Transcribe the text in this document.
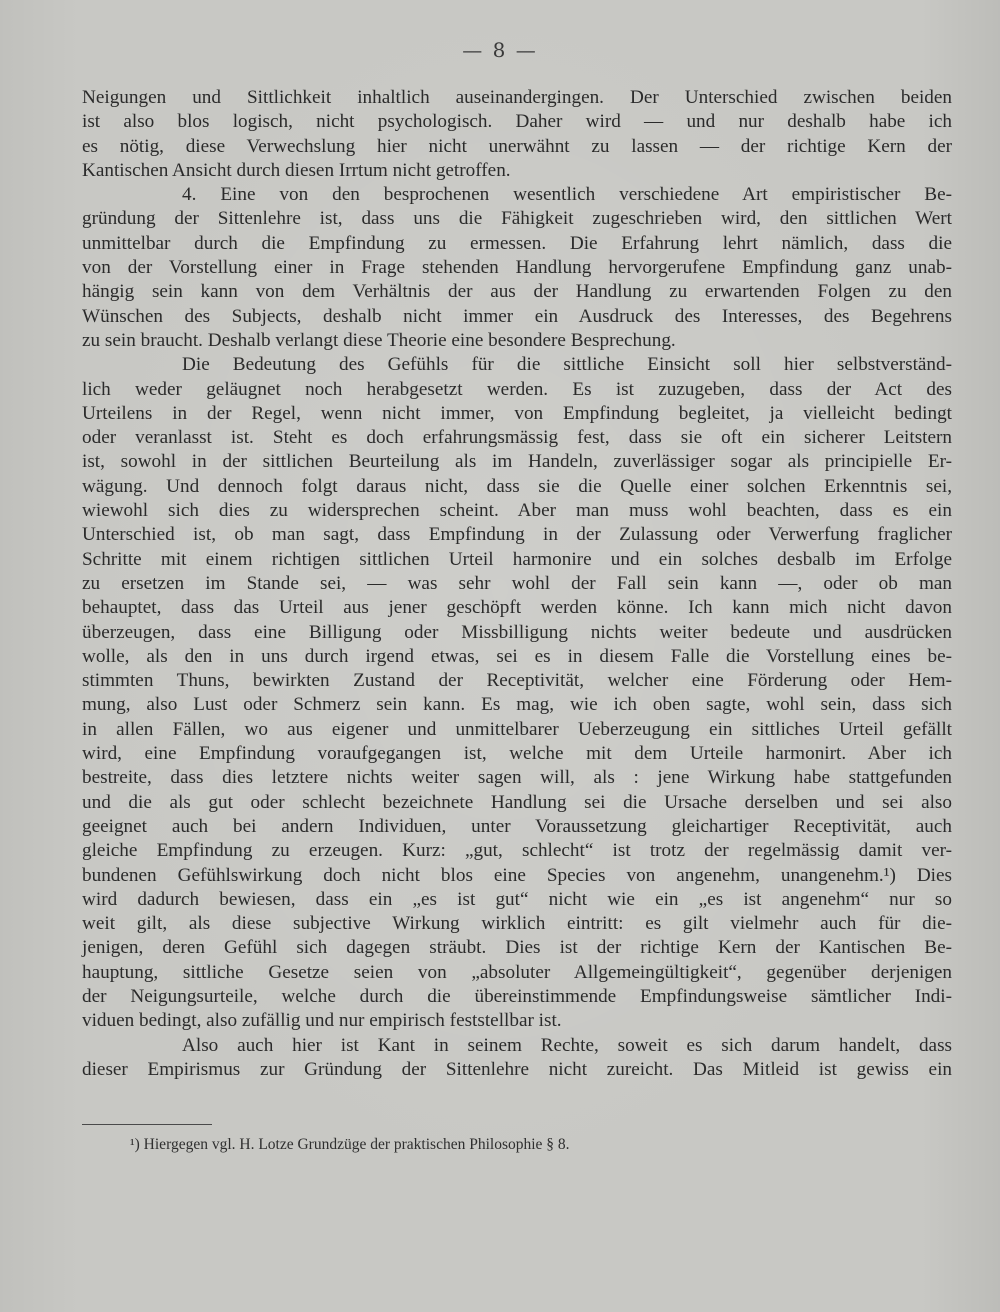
— 8 —
Neigungen und Sittlichkeit inhaltlich auseinandergingen. Der Unterschied zwischen beiden
ist also blos logisch, nicht psychologisch. Daher wird — und nur deshalb habe ich
es nötig, diese Verwechslung hier nicht unerwähnt zu lassen — der richtige Kern der
Kantischen Ansicht durch diesen Irrtum nicht getroffen.
4. Eine von den besprochenen wesentlich verschiedene Art empiristischer Be-
gründung der Sittenlehre ist, dass uns die Fähigkeit zugeschrieben wird, den sittlichen Wert
unmittelbar durch die Empfindung zu ermessen. Die Erfahrung lehrt nämlich, dass die
von der Vorstellung einer in Frage stehenden Handlung hervorgerufene Empfindung ganz unab-
hängig sein kann von dem Verhältnis der aus der Handlung zu erwartenden Folgen zu den
Wünschen des Subjects, deshalb nicht immer ein Ausdruck des Interesses, des Begehrens
zu sein braucht. Deshalb verlangt diese Theorie eine besondere Besprechung.
Die Bedeutung des Gefühls für die sittliche Einsicht soll hier selbstverständ-
lich weder geläugnet noch herabgesetzt werden. Es ist zuzugeben, dass der Act des
Urteilens in der Regel, wenn nicht immer, von Empfindung begleitet, ja vielleicht bedingt
oder veranlasst ist. Steht es doch erfahrungsmässig fest, dass sie oft ein sicherer Leitstern
ist, sowohl in der sittlichen Beurteilung als im Handeln, zuverlässiger sogar als principielle Er-
wägung. Und dennoch folgt daraus nicht, dass sie die Quelle einer solchen Erkenntnis sei,
wiewohl sich dies zu widersprechen scheint. Aber man muss wohl beachten, dass es ein
Unterschied ist, ob man sagt, dass Empfindung in der Zulassung oder Verwerfung fraglicher
Schritte mit einem richtigen sittlichen Urteil harmonire und ein solches desbalb im Erfolge
zu ersetzen im Stande sei, — was sehr wohl der Fall sein kann —, oder ob man
behauptet, dass das Urteil aus jener geschöpft werden könne. Ich kann mich nicht davon
überzeugen, dass eine Billigung oder Missbilligung nichts weiter bedeute und ausdrücken
wolle, als den in uns durch irgend etwas, sei es in diesem Falle die Vorstellung eines be-
stimmten Thuns, bewirkten Zustand der Receptivität, welcher eine Förderung oder Hem-
mung, also Lust oder Schmerz sein kann. Es mag, wie ich oben sagte, wohl sein, dass sich
in allen Fällen, wo aus eigener und unmittelbarer Ueberzeugung ein sittliches Urteil gefällt
wird, eine Empfindung voraufgegangen ist, welche mit dem Urteile harmonirt. Aber ich
bestreite, dass dies letztere nichts weiter sagen will, als : jene Wirkung habe stattgefunden
und die als gut oder schlecht bezeichnete Handlung sei die Ursache derselben und sei also
geeignet auch bei andern Individuen, unter Voraussetzung gleichartiger Receptivität, auch
gleiche Empfindung zu erzeugen. Kurz: „gut, schlecht“ ist trotz der regelmässig damit ver-
bundenen Gefühlswirkung doch nicht blos eine Species von angenehm, unangenehm.¹) Dies
wird dadurch bewiesen, dass ein „es ist gut“ nicht wie ein „es ist angenehm“ nur so
weit gilt, als diese subjective Wirkung wirklich eintritt: es gilt vielmehr auch für die-
jenigen, deren Gefühl sich dagegen sträubt. Dies ist der richtige Kern der Kantischen Be-
hauptung, sittliche Gesetze seien von „absoluter Allgemeingültigkeit“, gegenüber derjenigen
der Neigungsurteile, welche durch die übereinstimmende Empfindungsweise sämtlicher Indi-
viduen bedingt, also zufällig und nur empirisch feststellbar ist.
Also auch hier ist Kant in seinem Rechte, soweit es sich darum handelt, dass
dieser Empirismus zur Gründung der Sittenlehre nicht zureicht. Das Mitleid ist gewiss ein
¹) Hiergegen vgl. H. Lotze Grundzüge der praktischen Philosophie § 8.
